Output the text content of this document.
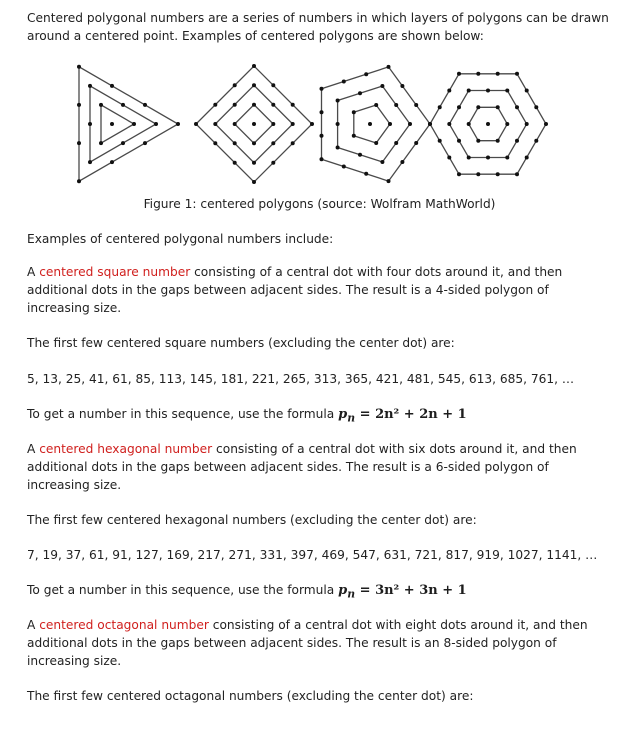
Centered polygonal numbers are a series of numbers in which layers of polygons can be drawn around a centered point. Examples of centered polygons are shown below:

Figure 1: centered polygons (source: Wolfram MathWorld)

Examples of centered polygonal numbers include:

A centered square number consisting of a central dot with four dots around it, and then additional dots in the gaps between adjacent sides. The result is a 4-sided polygon of increasing size.

The first few centered square numbers (excluding the center dot) are:

5, 13, 25, 41, 61, 85, 113, 145, 181, 221, 265, 313, 365, 421, 481, 545, 613, 685, 761, …

To get a number in this sequence, use the formula $p_n = 2n^2 + 2n + 1$

A centered hexagonal number consisting of a central dot with six dots around it, and then additional dots in the gaps between adjacent sides. The result is a 6-sided polygon of increasing size.

The first few centered hexagonal numbers (excluding the center dot) are:

7, 19, 37, 61, 91, 127, 169, 217, 271, 331, 397, 469, 547, 631, 721, 817, 919, 1027, 1141, …

To get a number in this sequence, use the formula $p_n = 3n^2 + 3n + 1$

A centered octagonal number consisting of a central dot with eight dots around it, and then additional dots in the gaps between adjacent sides. The result is an 8-sided polygon of increasing size.

The first few centered octagonal numbers (excluding the center dot) are:
